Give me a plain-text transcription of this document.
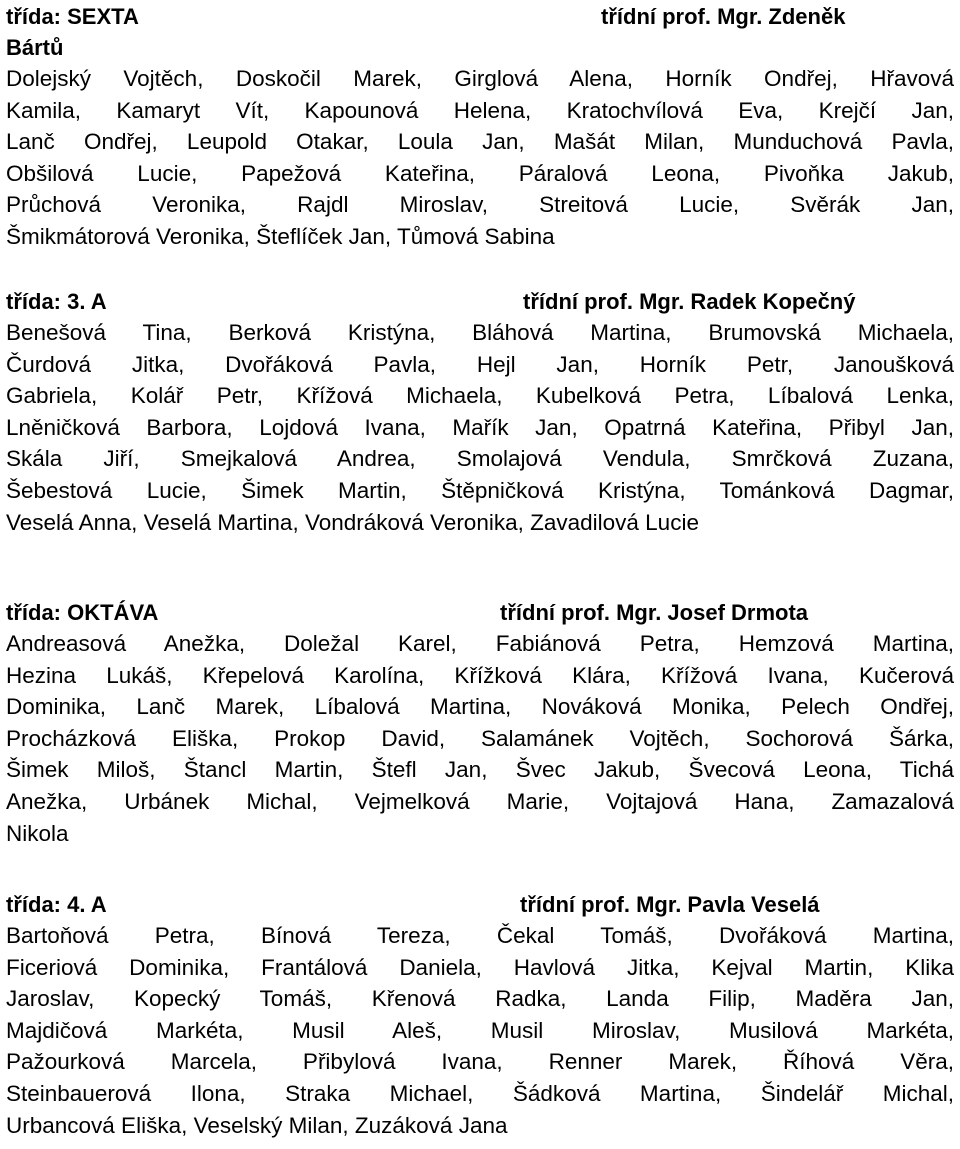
třída: SEXTA	třídní prof. Mgr. Zdeněk
Bártů
Dolejský Vojtěch, Doskočil Marek, Girglová Alena, Horník Ondřej, Hřavová
Kamila, Kamaryt Vít, Kapounová Helena, Kratochvílová Eva, Krejčí Jan,
Lanč Ondřej, Leupold Otakar, Loula Jan, Mašát Milan, Munduchová Pavla,
Obšilová Lucie, Papežová Kateřina, Páralová Leona, Pivoňka Jakub,
Průchová Veronika, Rajdl Miroslav, Streitová Lucie, Svěrák Jan,
Šmikmátorová Veronika, Šteflíček Jan, Tůmová Sabina
třída: 3. A	třídní prof. Mgr. Radek Kopečný
Benešová Tina, Berková Kristýna, Bláhová Martina, Brumovská Michaela,
Čurdová Jitka, Dvořáková Pavla, Hejl Jan, Horník Petr, Janoušková
Gabriela, Kolář Petr, Křížová Michaela, Kubelková Petra, Líbalová Lenka,
Lněničková Barbora, Lojdová Ivana, Mařík Jan, Opatrná Kateřina, Přibyl Jan,
Skála Jiří, Smejkalová Andrea, Smolajová Vendula, Smrčková Zuzana,
Šebestová Lucie, Šimek Martin, Štěpničková Kristýna, Tománková Dagmar,
Veselá Anna, Veselá Martina, Vondráková Veronika, Zavadilová Lucie
třída: OKTÁVA	třídní prof. Mgr. Josef Drmota
Andreasová Anežka, Doležal Karel, Fabiánová Petra, Hemzová Martina,
Hezina Lukáš, Křepelová Karolína, Křížková Klára, Křížová Ivana, Kučerová
Dominika, Lanč Marek, Líbalová Martina, Nováková Monika, Pelech Ondřej,
Procházková Eliška, Prokop David, Salamánek Vojtěch, Sochorová Šárka,
Šimek Miloš, Štancl Martin, Štefl Jan, Švec Jakub, Švecová Leona, Tichá
Anežka, Urbánek Michal, Vejmelková Marie, Vojtajová Hana, Zamazalová
Nikola
třída: 4. A	třídní prof. Mgr. Pavla Veselá
Bartoňová Petra, Bínová Tereza, Čekal Tomáš, Dvořáková Martina,
Ficeriová Dominika, Frantálová Daniela, Havlová Jitka, Kejval Martin, Klika
Jaroslav, Kopecký Tomáš, Křenová Radka, Landa Filip, Maděra Jan,
Majdičová Markéta, Musil Aleš, Musil Miroslav, Musilová Markéta,
Pažourková Marcela, Přibylová Ivana, Renner Marek, Říhová Věra,
Steinbauerová Ilona, Straka Michael, Šádková Martina, Šindelář Michal,
Urbancová Eliška, Veselský Milan, Zuzáková Jana
